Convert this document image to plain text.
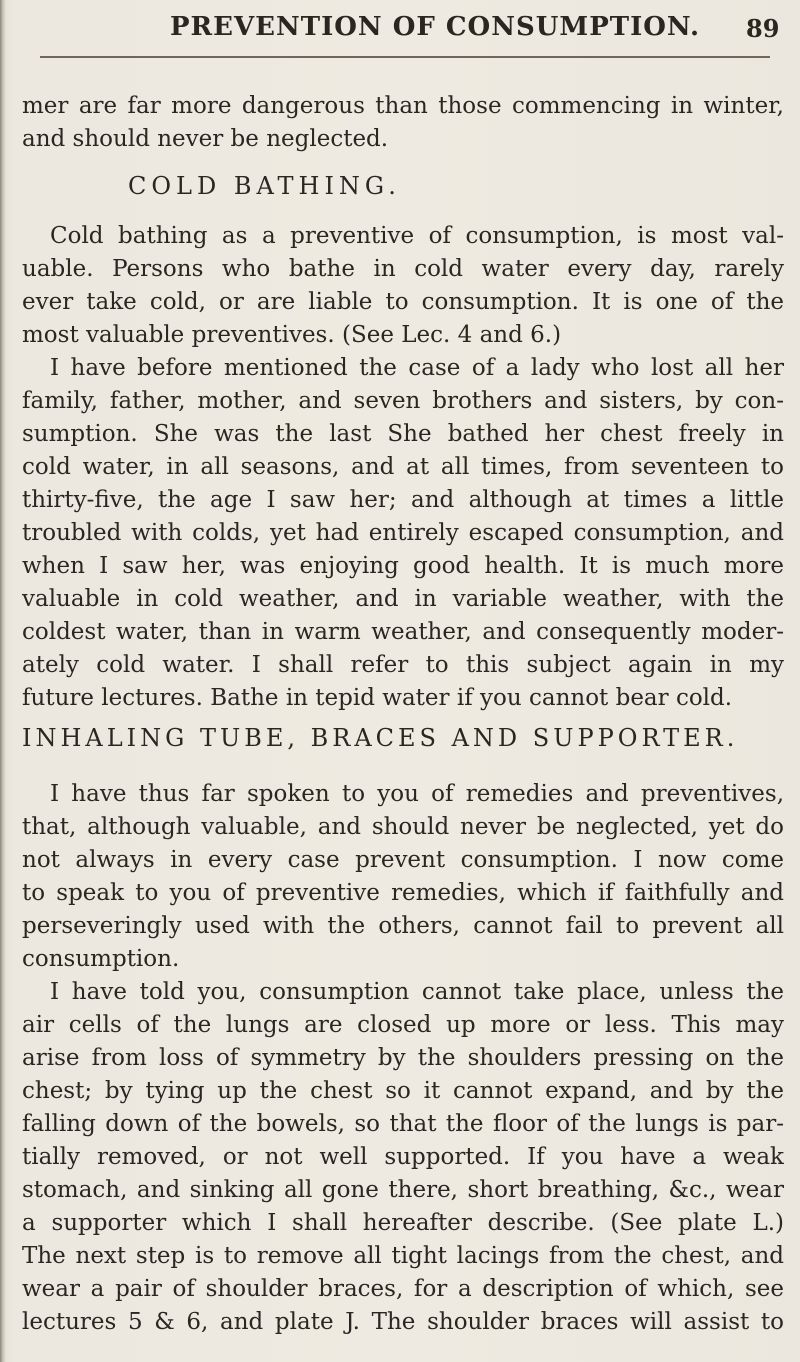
PREVENTION OF CONSUMPTION. 89
mer are far more dangerous than those commencing in winter,
and should never be neglected.
COLD BATHING.
Cold bathing as a preventive of consumption, is most val-
uable. Persons who bathe in cold water every day, rarely
ever take cold, or are liable to consumption. It is one of the
most valuable preventives. (See Lec. 4 and 6.)
I have before mentioned the case of a lady who lost all her
family, father, mother, and seven brothers and sisters, by con-
sumption. She was the last She bathed her chest freely in
cold water, in all seasons, and at all times, from seventeen to
thirty-five, the age I saw her; and although at times a little
troubled with colds, yet had entirely escaped consumption, and
when I saw her, was enjoying good health. It is much more
valuable in cold weather, and in variable weather, with the
coldest water, than in warm weather, and consequently moder-
ately cold water. I shall refer to this subject again in my
future lectures. Bathe in tepid water if you cannot bear cold.
INHALING TUBE, BRACES AND SUPPORTER.
I have thus far spoken to you of remedies and preventives,
that, although valuable, and should never be neglected, yet do
not always in every case prevent consumption. I now come
to speak to you of preventive remedies, which if faithfully and
perseveringly used with the others, cannot fail to prevent all
consumption.
I have told you, consumption cannot take place, unless the
air cells of the lungs are closed up more or less. This may
arise from loss of symmetry by the shoulders pressing on the
chest; by tying up the chest so it cannot expand, and by the
falling down of the bowels, so that the floor of the lungs is par-
tially removed, or not well supported. If you have a weak
stomach, and sinking all gone there, short breathing, &c., wear
a supporter which I shall hereafter describe. (See plate L.)
The next step is to remove all tight lacings from the chest, and
wear a pair of shoulder braces, for a description of which, see
lectures 5 & 6, and plate J. The shoulder braces will assist to
